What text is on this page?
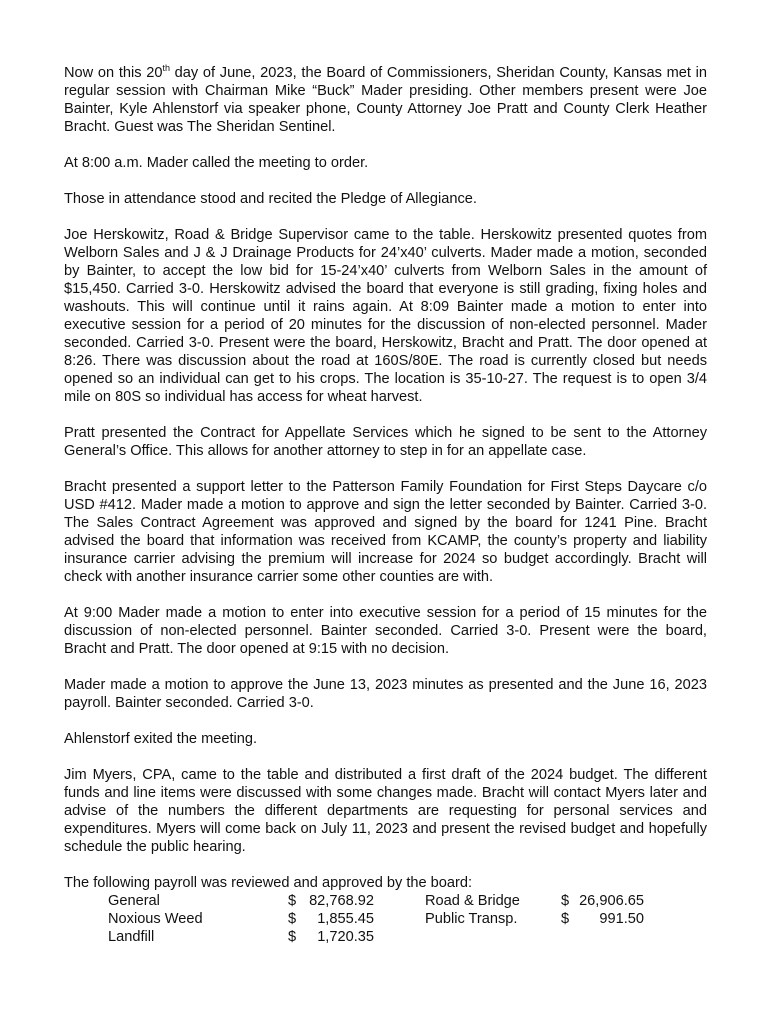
Now on this 20th day of June, 2023, the Board of Commissioners, Sheridan County, Kansas met in regular session with Chairman Mike “Buck” Mader presiding. Other members present were Joe Bainter, Kyle Ahlenstorf via speaker phone, County Attorney Joe Pratt and County Clerk Heather Bracht. Guest was The Sheridan Sentinel.

At 8:00 a.m. Mader called the meeting to order.

Those in attendance stood and recited the Pledge of Allegiance.

Joe Herskowitz, Road & Bridge Supervisor came to the table. Herskowitz presented quotes from Welborn Sales and J & J Drainage Products for 24’x40’ culverts. Mader made a motion, seconded by Bainter, to accept the low bid for 15-24’x40’ culverts from Welborn Sales in the amount of $15,450. Carried 3-0. Herskowitz advised the board that everyone is still grading, fixing holes and washouts. This will continue until it rains again. At 8:09 Bainter made a motion to enter into executive session for a period of 20 minutes for the discussion of non-elected personnel. Mader seconded. Carried 3-0. Present were the board, Herskowitz, Bracht and Pratt. The door opened at 8:26. There was discussion about the road at 160S/80E. The road is currently closed but needs opened so an individual can get to his crops. The location is 35-10-27. The request is to open 3/4 mile on 80S so individual has access for wheat harvest.

Pratt presented the Contract for Appellate Services which he signed to be sent to the Attorney General’s Office. This allows for another attorney to step in for an appellate case.

Bracht presented a support letter to the Patterson Family Foundation for First Steps Daycare c/o USD #412. Mader made a motion to approve and sign the letter seconded by Bainter. Carried 3-0. The Sales Contract Agreement was approved and signed by the board for 1241 Pine. Bracht advised the board that information was received from KCAMP, the county’s property and liability insurance carrier advising the premium will increase for 2024 so budget accordingly. Bracht will check with another insurance carrier some other counties are with.

At 9:00 Mader made a motion to enter into executive session for a period of 15 minutes for the discussion of non-elected personnel. Bainter seconded. Carried 3-0. Present were the board, Bracht and Pratt. The door opened at 9:15 with no decision.

Mader made a motion to approve the June 13, 2023 minutes as presented and the June 16, 2023 payroll. Bainter seconded. Carried 3-0.

Ahlenstorf exited the meeting.

Jim Myers, CPA, came to the table and distributed a first draft of the 2024 budget. The different funds and line items were discussed with some changes made. Bracht will contact Myers later and advise of the numbers the different departments are requesting for personal services and expenditures. Myers will come back on July 11, 2023 and present the revised budget and hopefully schedule the public hearing.

The following payroll was reviewed and approved by the board:

General	$ 82,768.92	Road & Bridge	$ 26,906.65
Noxious Weed	$	1,855.45	Public Transp.	$	991.50
Landfill	$	1,720.35
